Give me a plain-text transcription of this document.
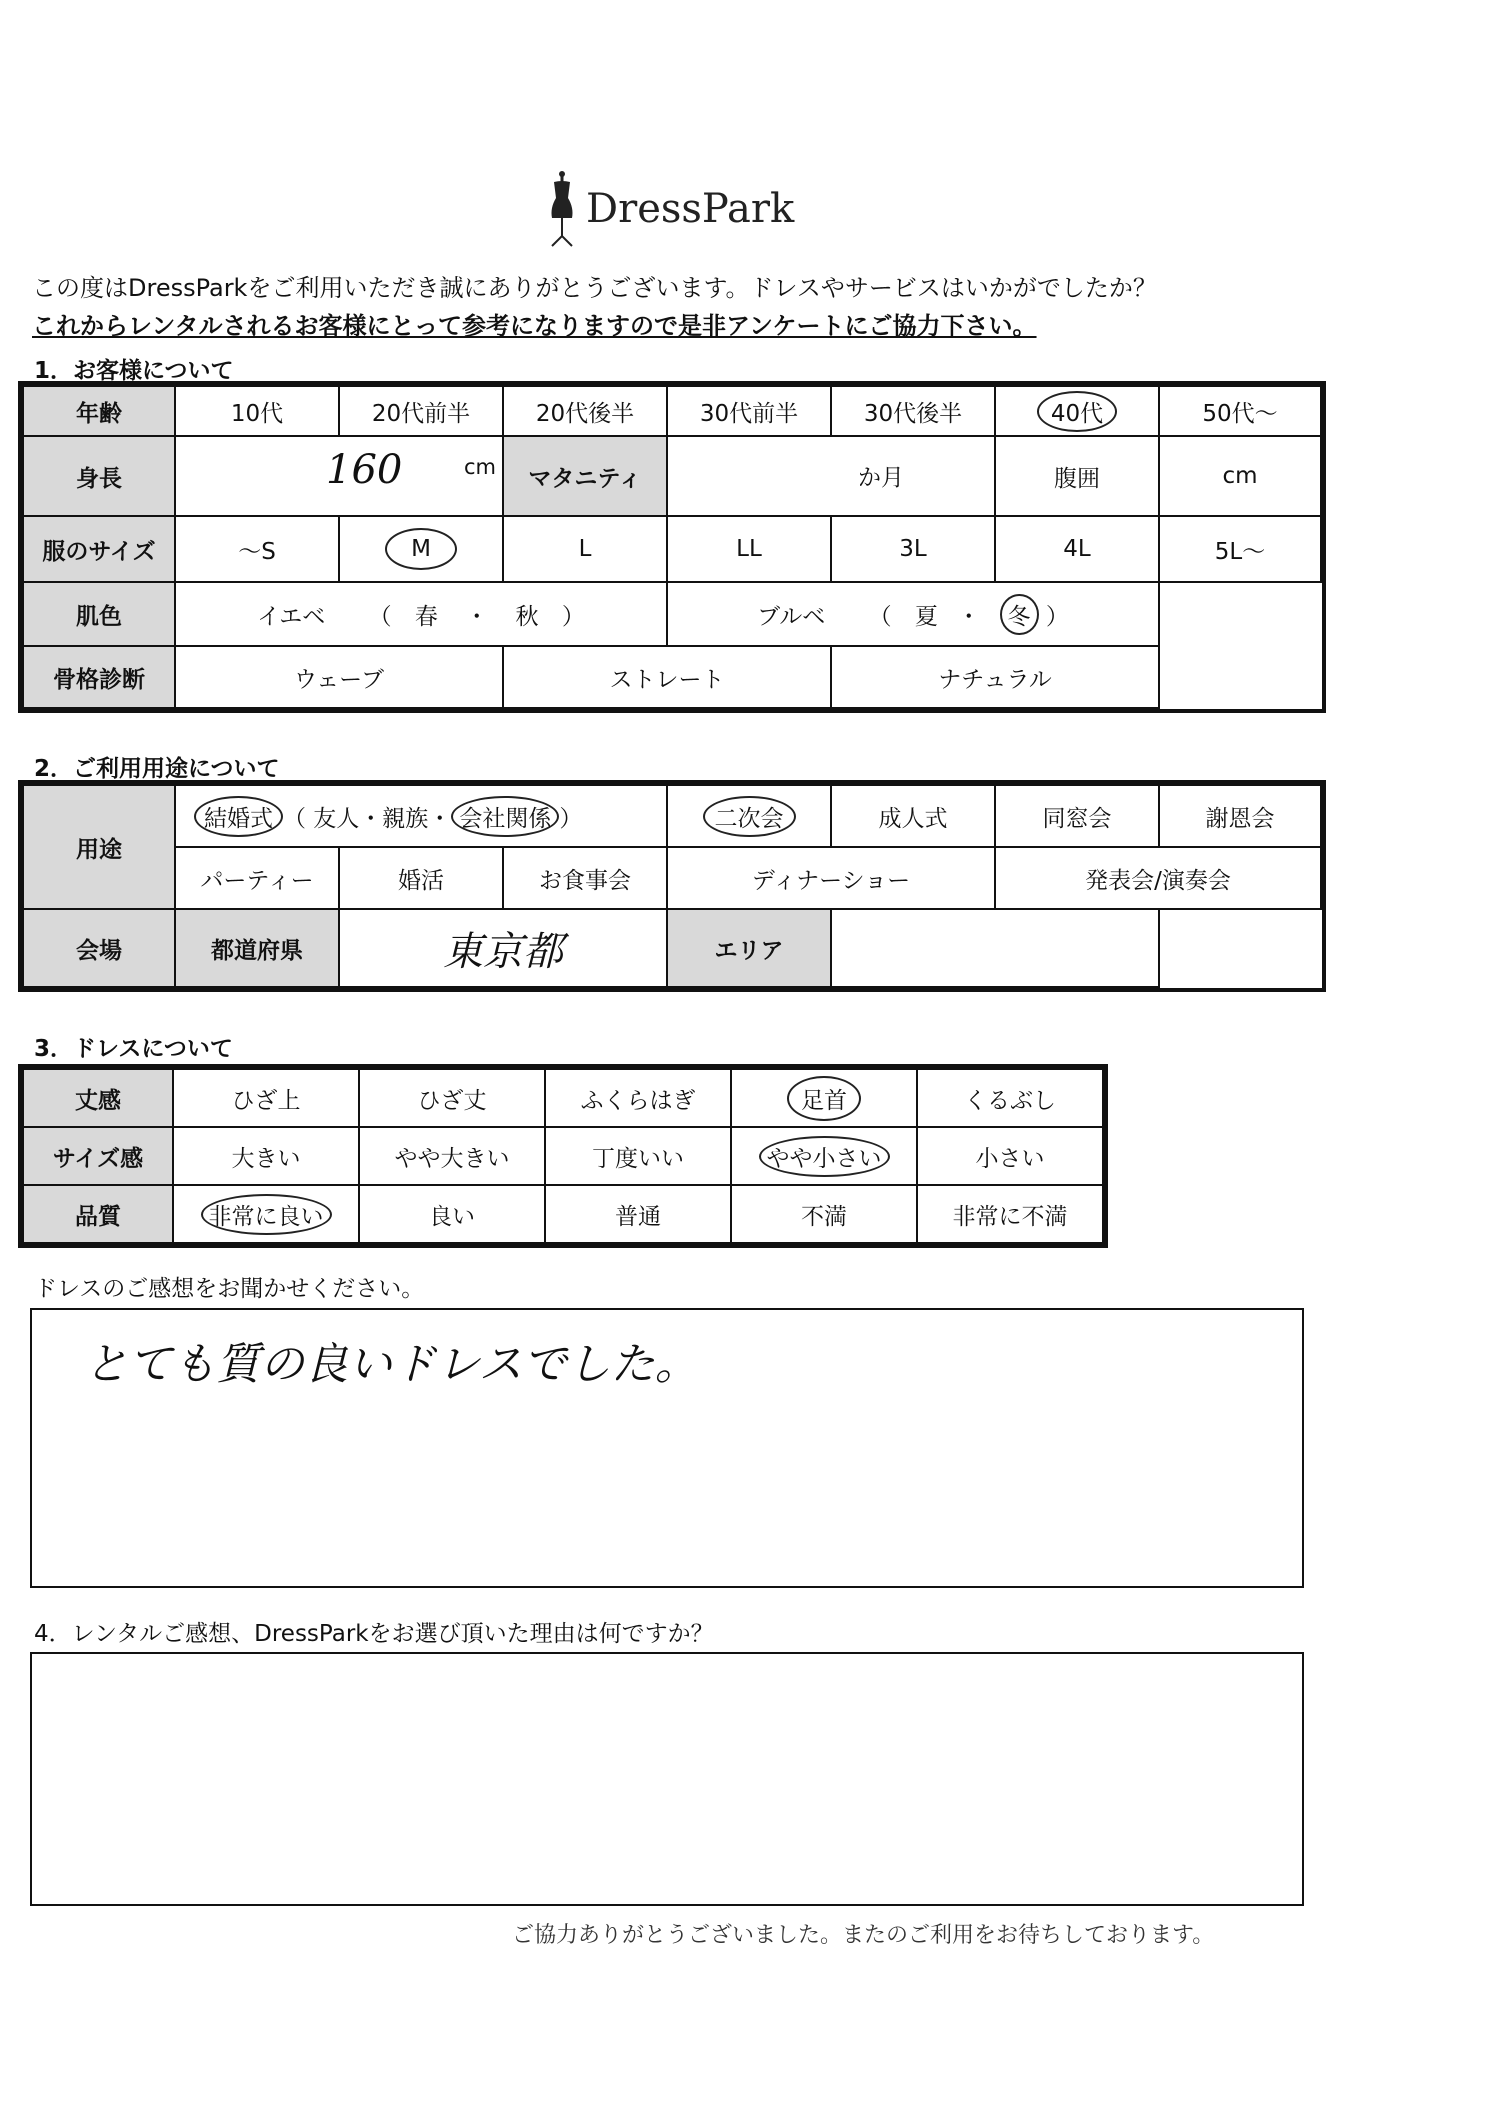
DressPark
この度はDressParkをご利用いただき誠にありがとうございます。ドレスやサービスはいかがでしたか？
これからレンタルされるお客様にとって参考になりますので是非アンケートにご協力下さい。
1．お客様について
年齢	10代	20代前半	20代後半	30代前半	30代後半	40代	50代～
身長	160 cm		マタニティ	か月		腹囲	cm
服のサイズ	～S	M	L	LL	3L	4L	5L～
肌色	イエベ （ 春 ・ 秋 ）			ブルベ （ 夏 ・ 冬 ）			
骨格診断	ウェーブ		ストレート		ナチュラル		
2．ご利用用途について
用途	結婚式 （ 友人・親族・ 会社関係 ）			二次会	成人式	同窓会	謝恩会
	パーティー	婚活	お食事会	ディナーショー		発表会/演奏会	
会場	都道府県	東京都		エリア			
3．ドレスについて
丈感	ひざ上	ひざ丈	ふくらはぎ	足首	くるぶし
サイズ感	大きい	やや大きい	丁度いい	やや小さい	小さい
品質	非常に良い	良い	普通	不満	非常に不満
ドレスのご感想をお聞かせください。
とても質の良いドレスでした。
4．レンタルご感想、DressParkをお選び頂いた理由は何ですか？
ご協力ありがとうございました。またのご利用をお待ちしております。
